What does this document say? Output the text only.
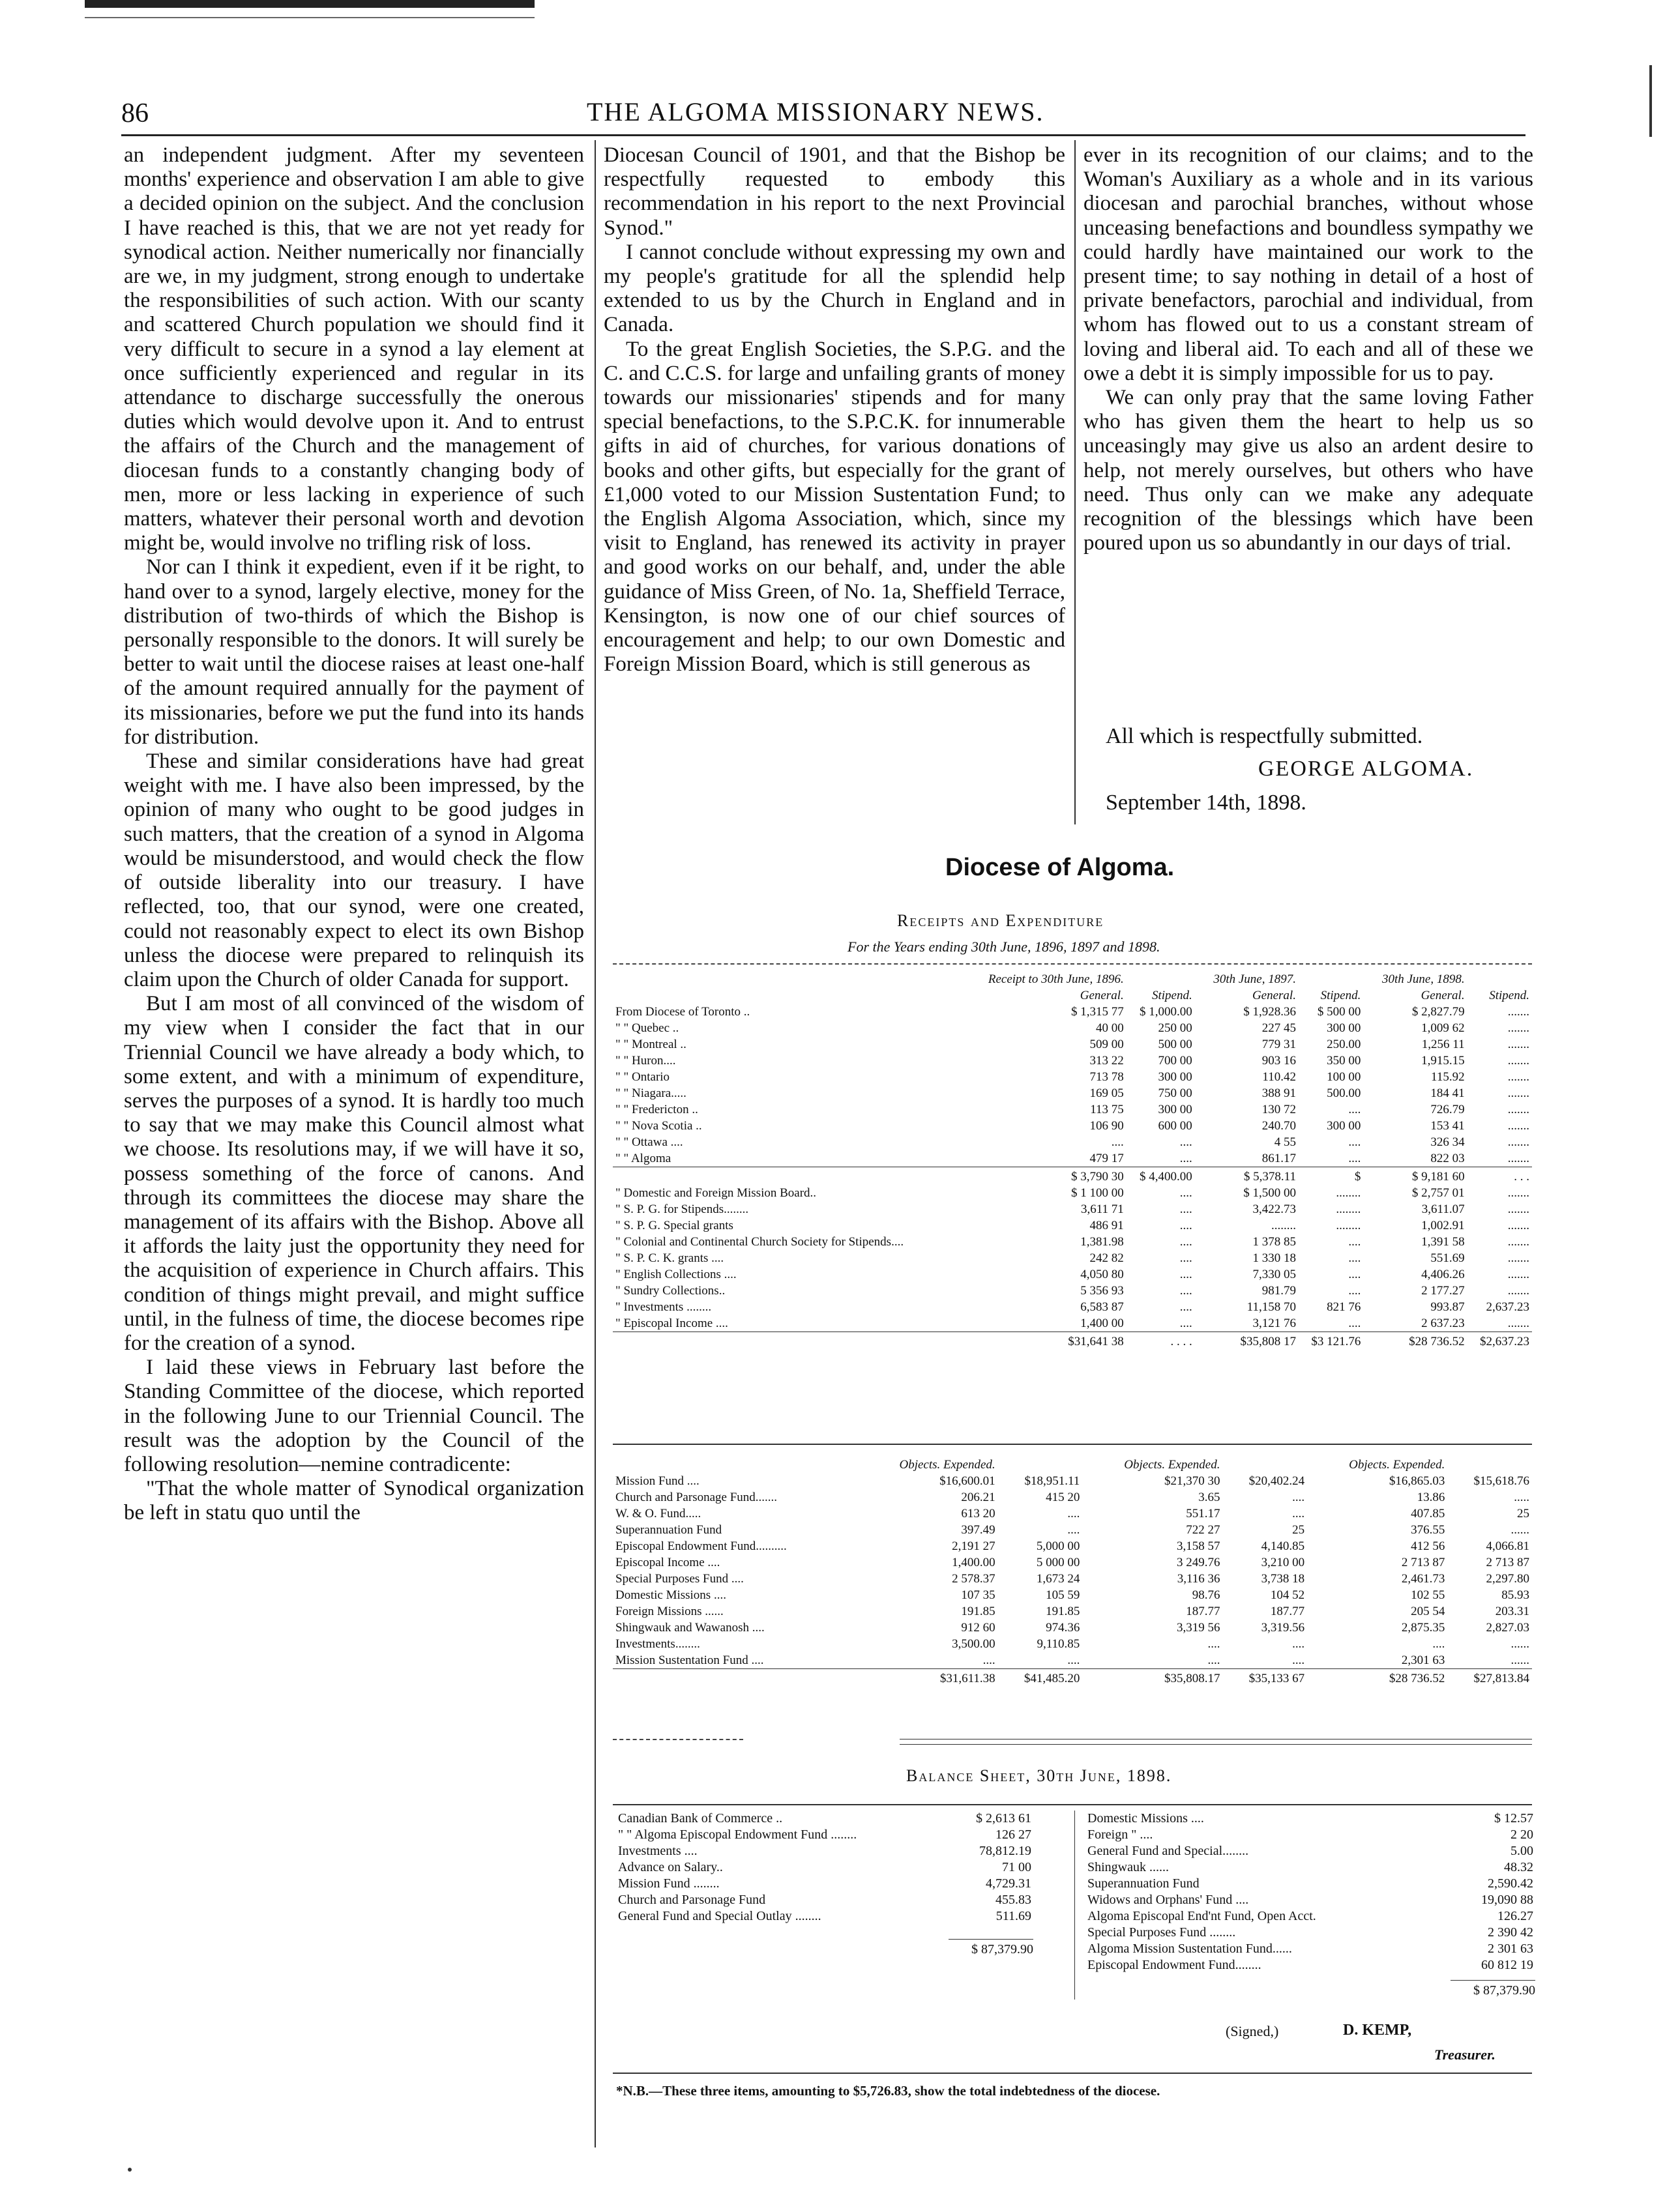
86	THE ALGOMA MISSIONARY NEWS.

an independent judgment. After my seventeen months' experience and observation I am able to give a decided opinion on the subject. And the conclusion I have reached is this, that we are not yet ready for synodical action. Neither numerically nor financially are we, in my judgment, strong enough to undertake the responsibilities of such action. With our scanty and scattered Church population we should find it very difficult to secure in a synod a lay element at once sufficiently experienced and regular in its attendance to discharge successfully the onerous duties which would devolve upon it. And to entrust the affairs of the Church and the management of diocesan funds to a constantly changing body of men, more or less lacking in experience of such matters, whatever their personal worth and devotion might be, would involve no trifling risk of loss.

Nor can I think it expedient, even if it be right, to hand over to a synod, largely elective, money for the distribution of two-thirds of which the Bishop is personally responsible to the donors. It will surely be better to wait until the diocese raises at least one-half of the amount required annually for the payment of its missionaries, before we put the fund into its hands for distribution.

These and similar considerations have had great weight with me. I have also been impressed, by the opinion of many who ought to be good judges in such matters, that the creation of a synod in Algoma would be misunderstood, and would check the flow of outside liberality into our treasury. I have reflected, too, that our synod, were one created, could not reasonably expect to elect its own Bishop unless the diocese were prepared to relinquish its claim upon the Church of older Canada for support.

But I am most of all convinced of the wisdom of my view when I consider the fact that in our Triennial Council we have already a body which, to some extent, and with a minimum of expenditure, serves the purposes of a synod. It is hardly too much to say that we may make this Council almost what we choose. Its resolutions may, if we will have it so, possess something of the force of canons. And through its committees the diocese may share the management of its affairs with the Bishop. Above all it affords the laity just the opportunity they need for the acquisition of experience in Church affairs. This condition of things might prevail, and might suffice until, in the fulness of time, the diocese becomes ripe for the creation of a synod.

I laid these views in February last before the Standing Committee of the diocese, which reported in the following June to our Triennial Council. The result was the adoption by the Council of the following resolution—nemine contradicente:

"That the whole matter of Synodical organization be left in statu quo until the

Diocesan Council of 1901, and that the Bishop be respectfully requested to embody this recommendation in his report to the next Provincial Synod."

I cannot conclude without expressing my own and my people's gratitude for all the splendid help extended to us by the Church in England and in Canada.

To the great English Societies, the S.P.G. and the C. and C.C.S. for large and unfailing grants of money towards our missionaries' stipends and for many special benefactions, to the S.P.C.K. for innumerable gifts in aid of churches, for various donations of books and other gifts, but especially for the grant of £1,000 voted to our Mission Sustentation Fund; to the English Algoma Association, which, since my visit to England, has renewed its activity in prayer and good works on our behalf, and, under the able guidance of Miss Green, of No. 1a, Sheffield Terrace, Kensington, is now one of our chief sources of encouragement and help; to our own Domestic and Foreign Mission Board, which is still generous as

ever in its recognition of our claims; and to the Woman's Auxiliary as a whole and in its various diocesan and parochial branches, without whose unceasing benefactions and boundless sympathy we could hardly have maintained our work to the present time; to say nothing in detail of a host of private benefactors, parochial and individual, from whom has flowed out to us a constant stream of loving and liberal aid. To each and all of these we owe a debt it is simply impossible for us to pay.

We can only pray that the same loving Father who has given them the heart to help us so unceasingly may give us also an ardent desire to help, not merely ourselves, but others who have need. Thus only can we make any adequate recognition of the blessings which have been poured upon us so abundantly in our days of trial.

All which is respectfully submitted.
GEORGE ALGOMA.
September 14th, 1898.
Diocese of Algoma.
Receipts and Expenditure
For the Years ending 30th June, 1896, 1897 and 1898.
	Receipt to 30th June, 1896.		30th June, 1897.		30th June, 1898.	
	General.	Stipend.	General.	Stipend.	General.	Stipend.
From Diocese of Toronto ..	$ 1,315 77	$ 1,000.00	$ 1,928.36	$ 500 00	$ 2,827.79	.......
" " Quebec ..	40 00	250 00	227 45	300 00	1,009 62	.......
" " Montreal ..	509 00	500 00	779 31	250.00	1,256 11	.......
" " Huron....	313 22	700 00	903 16	350 00	1,915.15	.......
" " Ontario	713 78	300 00	110.42	100 00	115.92	.......
" " Niagara.....	169 05	750 00	388 91	500.00	184 41	.......
" " Fredericton ..	113 75	300 00	130 72	....	726.79	.......
" " Nova Scotia ..	106 90	600 00	240.70	300 00	153 41	.......
" " Ottawa ....	....	....	4 55	....	326 34	.......
" " Algoma	479 17	....	861.17	....	822 03	.......
	$ 3,790 30	$ 4,400.00	$ 5,378.11	$	$ 9,181 60	. . .
" Domestic and Foreign Mission Board..	$ 1 100 00	....	$ 1,500 00	........	$ 2,757 01	.......
" S. P. G. for Stipends........	3,611 71	....	3,422.73	........	3,611.07	.......
" S. P. G. Special grants	486 91	....	........	........	1,002.91	.......
" Colonial and Continental Church Society for Stipends....	1,381.98	....	1 378 85	....	1,391 58	.......
" S. P. C. K. grants ....	242 82	....	1 330 18	....	551.69	.......
" English Collections ....	4,050 80	....	7,330 05	....	4,406.26	.......
" Sundry Collections..	5 356 93	....	981.79	....	2 177.27	.......
" Investments ........	6,583 87	....	11,158 70	821 76	993.87	2,637.23
" Episcopal Income ....	1,400 00	....	3,121 76	....	2 637.23	.......
	$31,641 38	. . . .	$35,808 17	$3 121.76	$28 736.52	$2,637.23
	Objects. Expended.		Objects. Expended.		Objects. Expended.	
Mission Fund ....	$16,600.01	$18,951.11	$21,370 30	$20,402.24	$16,865.03	$15,618.76
Church and Parsonage Fund.......	206.21	415 20	3.65	....	13.86	.....
W. & O. Fund.....	613 20	....	551.17	....	407.85	25
Superannuation Fund	397.49	....	722 27	25	376.55	......
Episcopal Endowment Fund..........	2,191 27	5,000 00	3,158 57	4,140.85	412 56	4,066.81
Episcopal Income ....	1,400.00	5 000 00	3 249.76	3,210 00	2 713 87	2 713 87
Special Purposes Fund ....	2 578.37	1,673 24	3,116 36	3,738 18	2,461.73	2,297.80
Domestic Missions ....	107 35	105 59	98.76	104 52	102 55	85.93
Foreign Missions ......	191.85	191.85	187.77	187.77	205 54	203.31
Shingwauk and Wawanosh ....	912 60	974.36	3,319 56	3,319.56	2,875.35	2,827.03
Investments........	3,500.00	9,110.85	....	....	....	......
Mission Sustentation Fund ....	....	....	....	....	2,301 63	......
	$31,611.38	$41,485.20	$35,808.17	$35,133 67	$28 736.52	$27,813.84
Balance Sheet, 30th June, 1898.
Canadian Bank of Commerce ..	$ 2,613 61
" " Algoma Episcopal Endowment Fund ........	126 27
Investments ....	78,812.19
Advance on Salary..	71 00
Mission Fund ........	4,729.31
Church and Parsonage Fund	455.83
General Fund and Special Outlay ........	511.69
$ 87,379.90
Domestic Missions ....	$ 12.57
Foreign " ....	2 20
General Fund and Special........	5.00
Shingwauk ......	48.32
Superannuation Fund	2,590.42
Widows and Orphans' Fund ....	19,090 88
Algoma Episcopal End'nt Fund, Open Acct.	126.27
Special Purposes Fund ........	2 390 42
Algoma Mission Sustentation Fund......	2 301 63
Episcopal Endowment Fund........	60 812 19
$ 87,379.90
(Signed,)	D. KEMP,
Treasurer.
*N.B.—These three items, amounting to $5,726.83, show the total indebtedness of the diocese.
